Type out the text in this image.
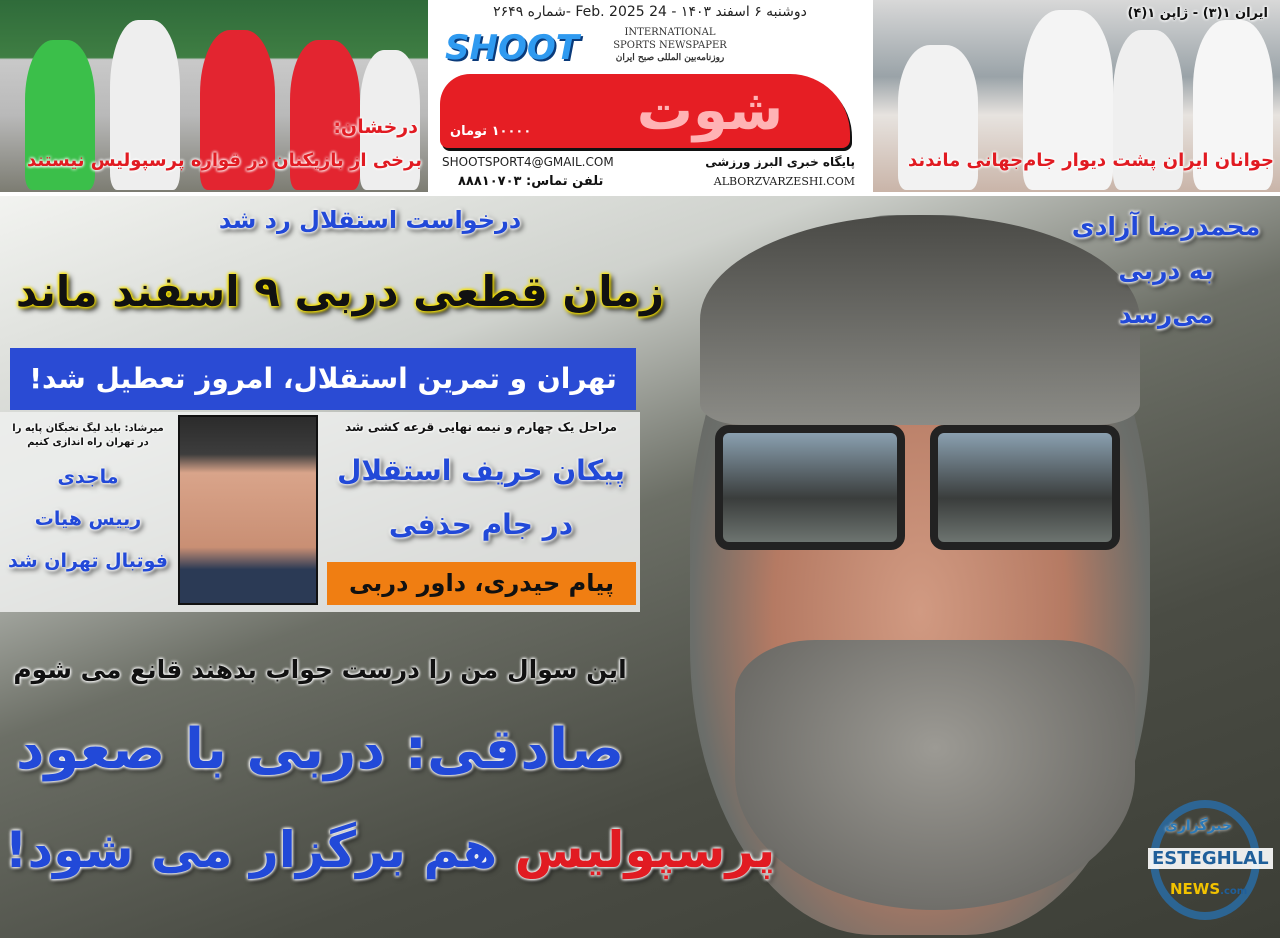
درخشان:
برخی از بازیکنان در قواره پرسپولیس نیستند
ایران ۱(۳) - ژاپن ۱(۴)
جوانان ایران پشت دیوار جام‌جهانی ماندند
دوشنبه ۶ اسفند ۱۴۰۳ - 24 Feb. 2025 -شماره ۲۶۴۹
SHOOT	INTERNATIONAL
SPORTS NEWSPAPER
روزنامه‌بین المللی صبح ایران
شوت
۱۰۰۰۰ تومان
SHOOTSPORT4@GMAIL.COM
تلفن تماس: ۸۸۸۱۰۷۰۳
پایگاه خبری البرز ورزشی
ALBORZVARZESHI.COM
درخواست استقلال رد شد
زمان قطعی دربی ۹ اسفند ماند
تهران و تمرین استقلال، امروز تعطیل شد!
میرشاد: باید لیگ نخبگان پایه را
در تهران راه اندازی کنیم
ماجدی
رییس هیات
فوتبال تهران شد
مراحل یک چهارم و نیمه نهایی قرعه کشی شد
پیکان حریف استقلال
در جام حذفی
پیام حیدری، داور دربی
محمدرضا آزادی
به دربی
می‌رسد
این سوال من را درست جواب بدهند قانع می شوم
صادقی: دربی با صعود
پرسپولیس هم برگزار می شود!	خبرگزاری
ESTEGHLAL
NEWS.com
